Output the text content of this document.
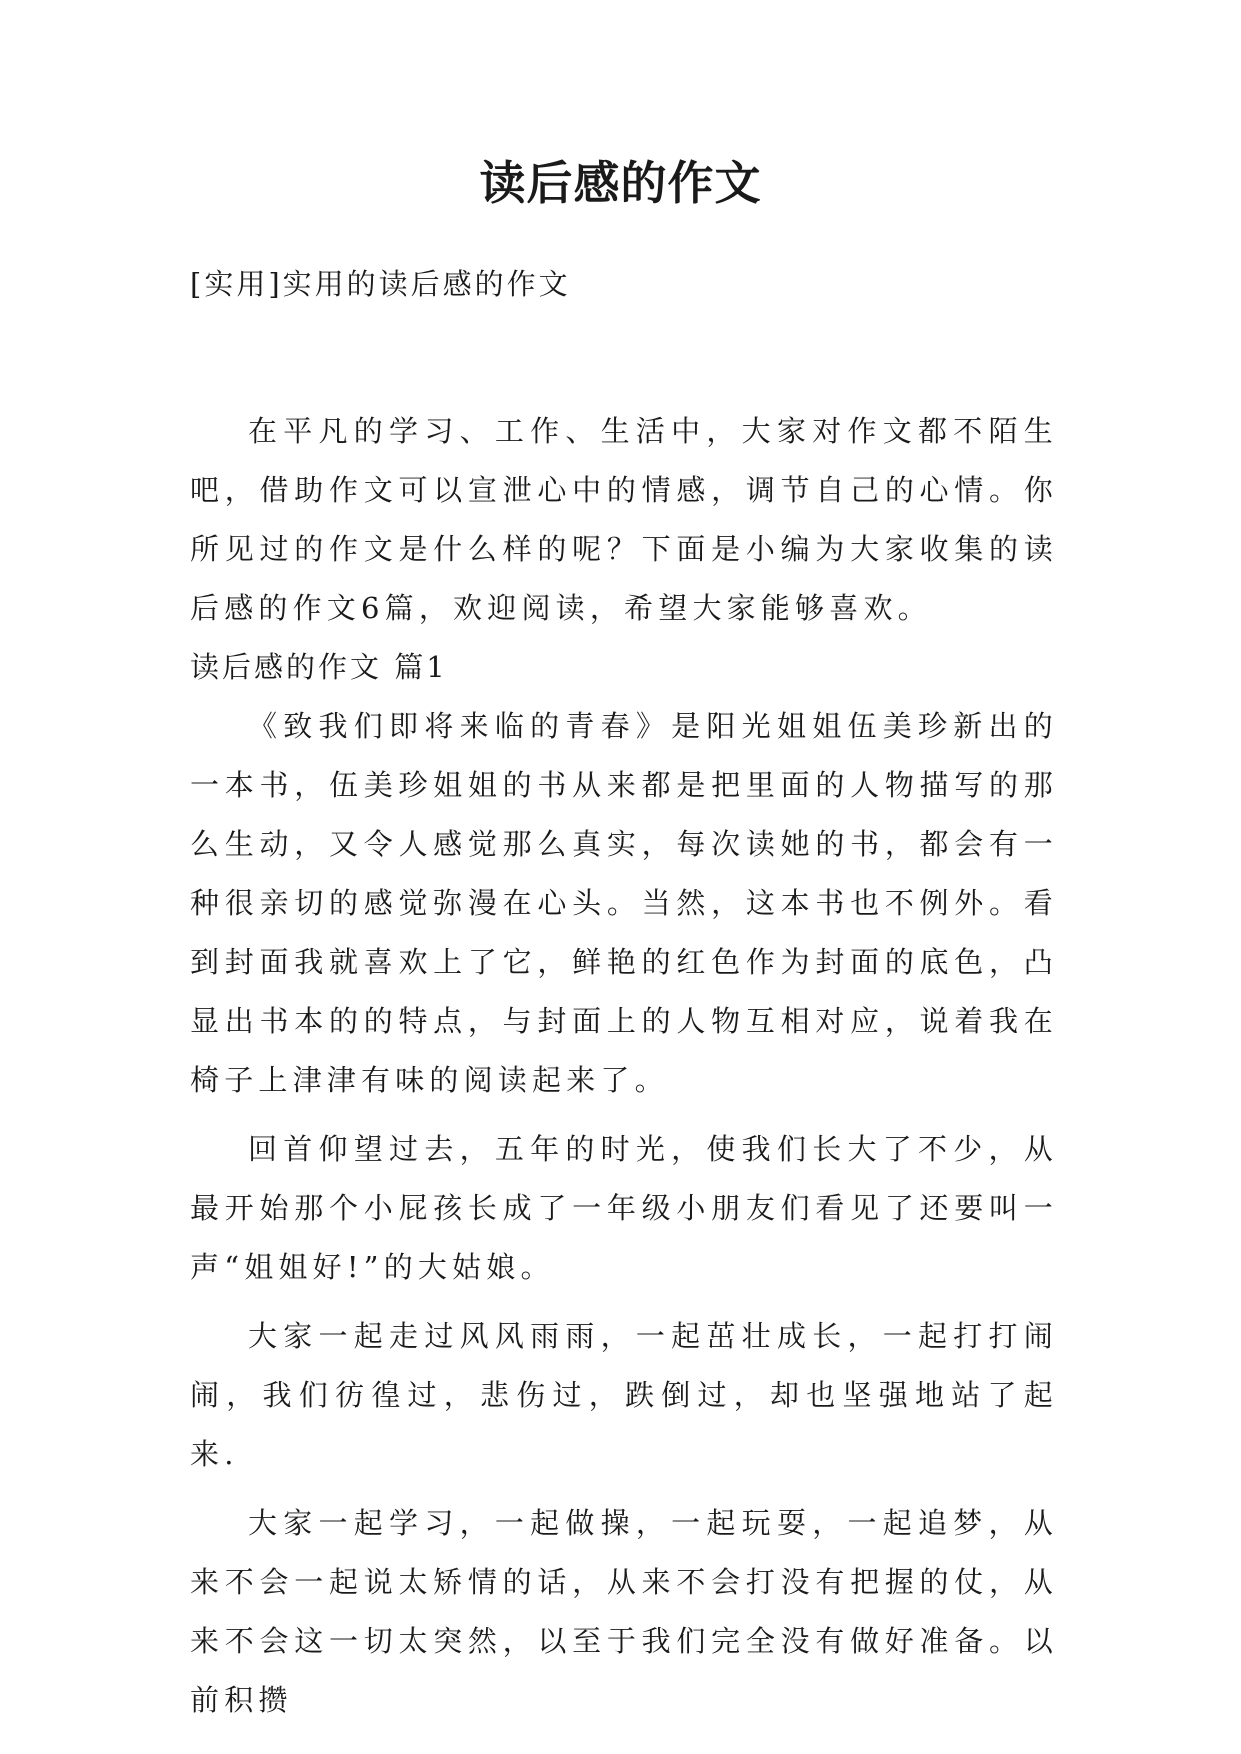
读后感的作文

[实用]实用的读后感的作文

在平凡的学习、工作、生活中，大家对作文都不陌生吧，借助作文可以宣泄心中的情感，调节自己的心情。你所见过的作文是什么样的呢？下面是小编为大家收集的读后感的作文6篇，欢迎阅读，希望大家能够喜欢。

读后感的作文 篇1

《致我们即将来临的青春》是阳光姐姐伍美珍新出的一本书，伍美珍姐姐的书从来都是把里面的人物描写的那么生动，又令人感觉那么真实，每次读她的书，都会有一种很亲切的感觉弥漫在心头。当然，这本书也不例外。看到封面我就喜欢上了它，鲜艳的红色作为封面的底色，凸显出书本的的特点，与封面上的人物互相对应，说着我在椅子上津津有味的阅读起来了。

回首仰望过去，五年的时光，使我们长大了不少，从最开始那个小屁孩长成了一年级小朋友们看见了还要叫一声“姐姐好!”的大姑娘。

大家一起走过风风雨雨，一起茁壮成长，一起打打闹闹，我们彷徨过，悲伤过，跌倒过，却也坚强地站了起来.

大家一起学习，一起做操，一起玩耍，一起追梦，从来不会一起说太矫情的话，从来不会打没有把握的仗，从来不会这一切太突然，以至于我们完全没有做好准备。以前积攒
